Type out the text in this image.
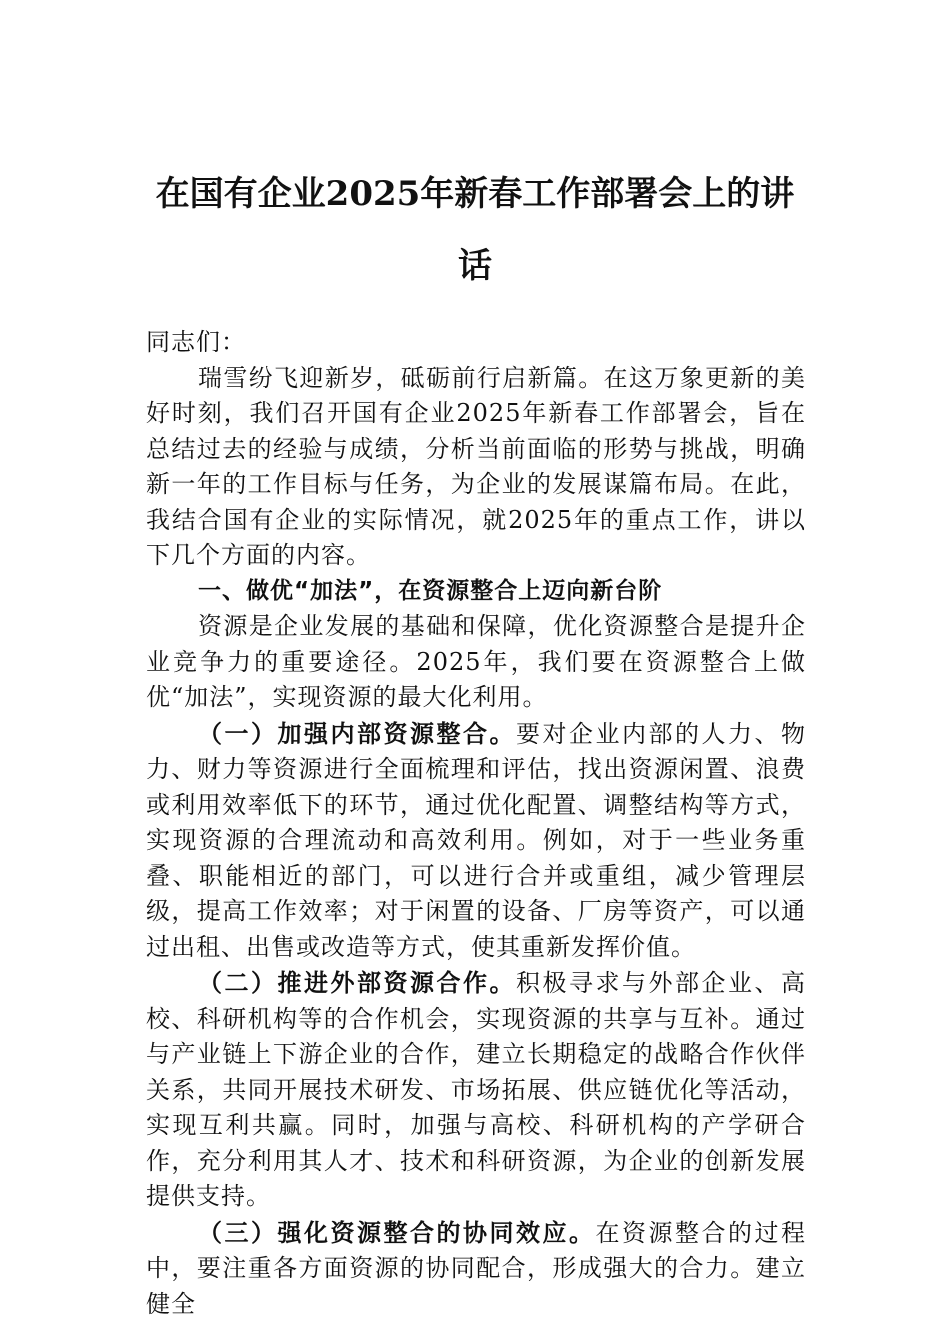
在国有企业2025年新春工作部署会上的讲话

同志们：

瑞雪纷飞迎新岁，砥砺前行启新篇。在这万象更新的美好时刻，我们召开国有企业2025年新春工作部署会，旨在总结过去的经验与成绩，分析当前面临的形势与挑战，明确新一年的工作目标与任务，为企业的发展谋篇布局。在此，我结合国有企业的实际情况，就2025年的重点工作，讲以下几个方面的内容。

一、做优“加法”，在资源整合上迈向新台阶

资源是企业发展的基础和保障，优化资源整合是提升企业竞争力的重要途径。2025年，我们要在资源整合上做优“加法”，实现资源的最大化利用。

（一）加强内部资源整合。要对企业内部的人力、物力、财力等资源进行全面梳理和评估，找出资源闲置、浪费或利用效率低下的环节，通过优化配置、调整结构等方式，实现资源的合理流动和高效利用。例如，对于一些业务重叠、职能相近的部门，可以进行合并或重组，减少管理层级，提高工作效率；对于闲置的设备、厂房等资产，可以通过出租、出售或改造等方式，使其重新发挥价值。

（二）推进外部资源合作。积极寻求与外部企业、高校、科研机构等的合作机会，实现资源的共享与互补。通过与产业链上下游企业的合作，建立长期稳定的战略合作伙伴关系，共同开展技术研发、市场拓展、供应链优化等活动，实现互利共赢。同时，加强与高校、科研机构的产学研合作，充分利用其人才、技术和科研资源，为企业的创新发展提供支持。

（三）强化资源整合的协同效应。在资源整合的过程中，要注重各方面资源的协同配合，形成强大的合力。建立健全
